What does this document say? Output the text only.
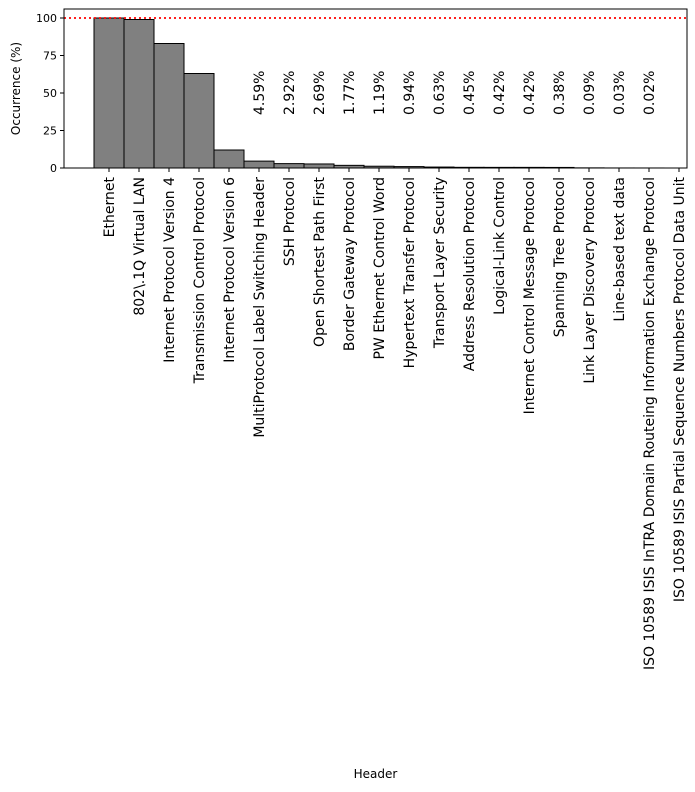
4.59% 2.92% 2.69% 1.77% 1.19% 0.94% 0.63% 0.45% 0.42% 0.42% 0.38% 0.09% 0.03% 0.02%
0
25
50
75
100
Ethernet 802\.1Q Virtual LAN Internet Protocol Version 4 Transmission Control Protocol Internet Protocol Version 6 MultiProtocol Label Switching Header SSH Protocol Open Shortest Path First Border Gateway Protocol PW Ethernet Control Word Hypertext Transfer Protocol Transport Layer Security Address Resolution Protocol Logical-Link Control Internet Control Message Protocol Spanning Tree Protocol Link Layer Discovery Protocol Line-based text data ISO 10589 ISIS InTRA Domain Routeing Information Exchange Protocol ISO 10589 ISIS Partial Sequence Numbers Protocol Data Unit
Occurrence (%)
Header
